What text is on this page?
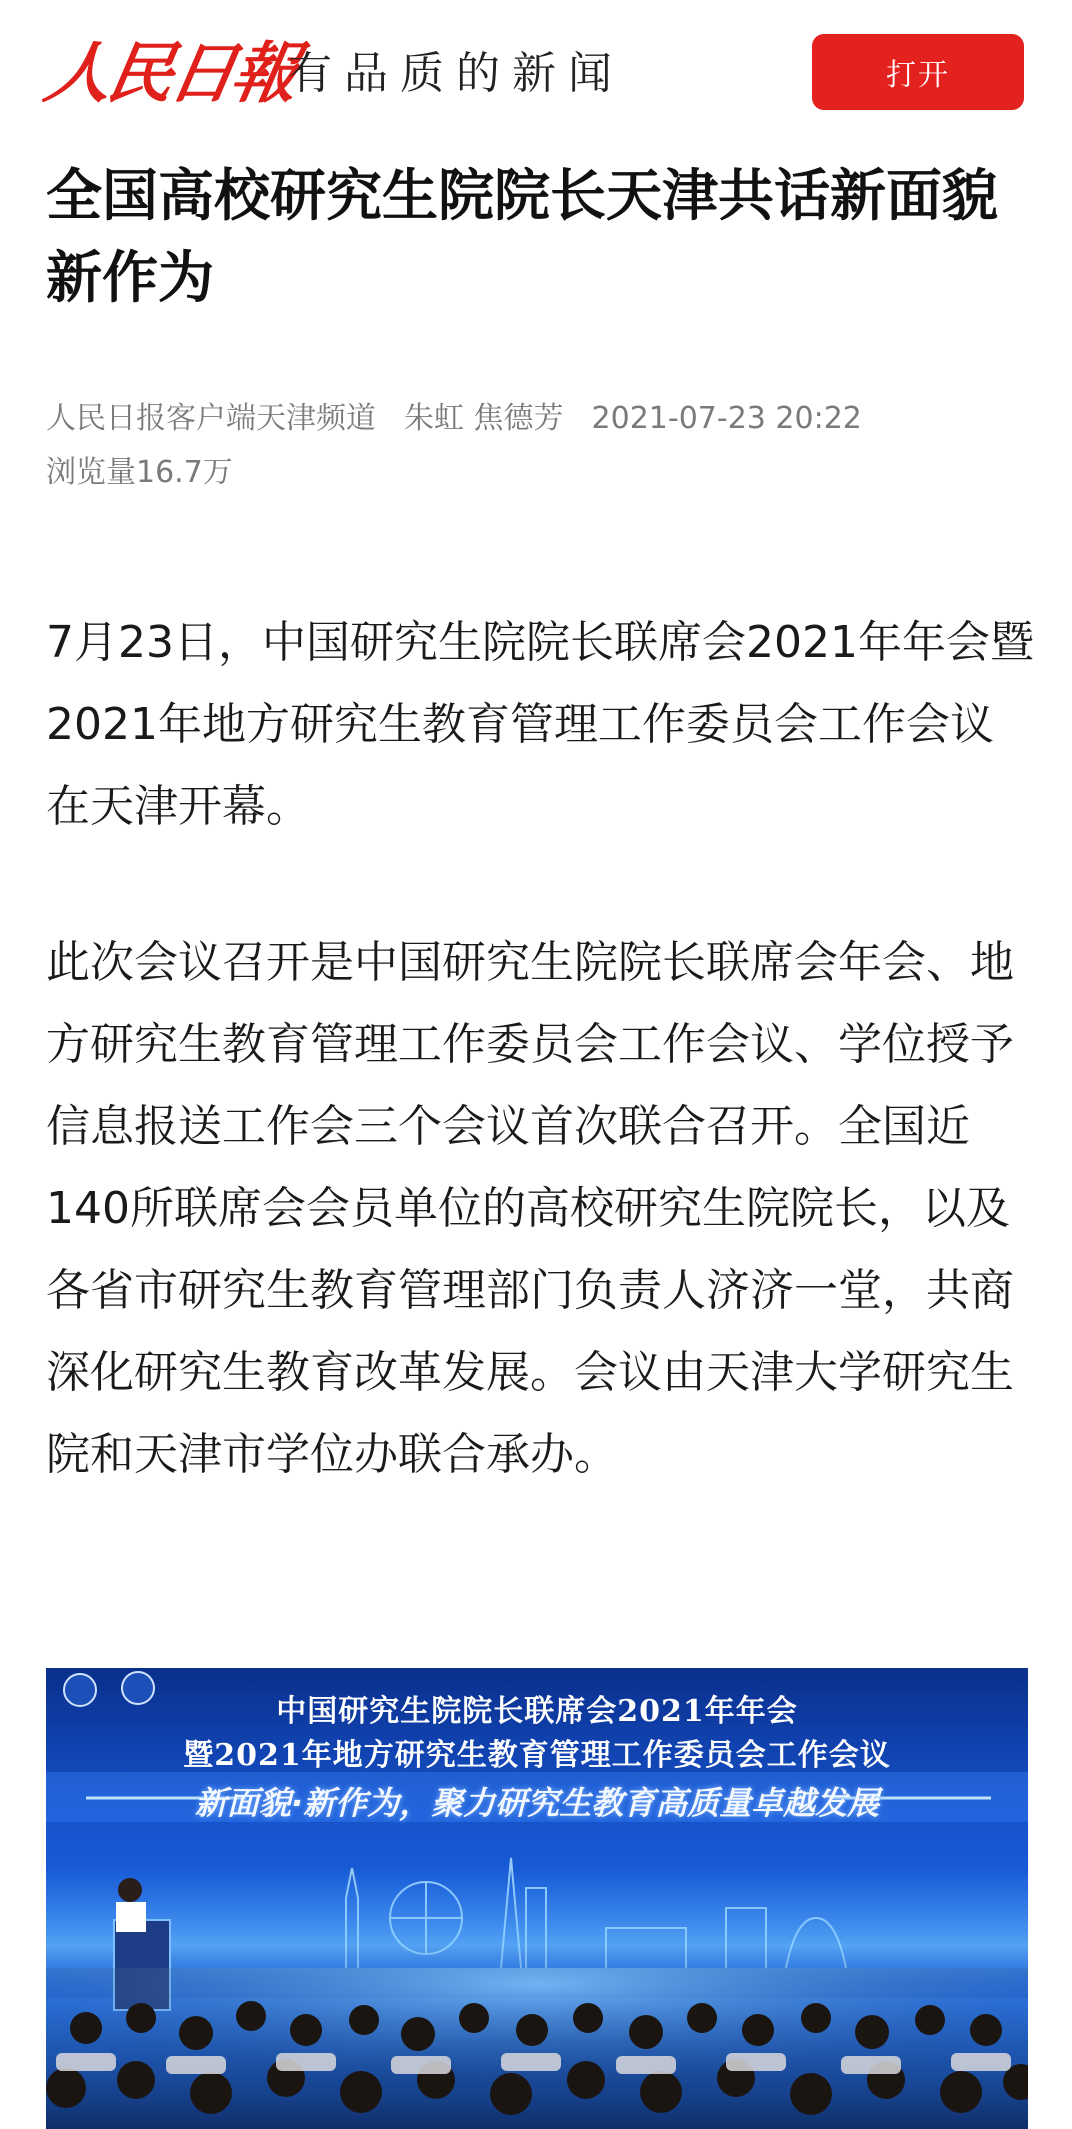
人民日報
有品质的新闻	打开
全国高校研究生院院长天津共话新面貌新作为
人民日报客户端天津频道 朱虹 焦德芳 2021-07-23 20:22
浏览量16.7万

7月23日，中国研究生院院长联席会2021年年会暨2021年地方研究生教育管理工作委员会工作会议在天津开幕。

此次会议召开是中国研究生院院长联席会年会、地方研究生教育管理工作委员会工作会议、学位授予信息报送工作会三个会议首次联合召开。全国近140所联席会会员单位的高校研究生院院长，以及各省市研究生教育管理部门负责人济济一堂，共商深化研究生教育改革发展。会议由天津大学研究生院和天津市学位办联合承办。

中国研究生院院长联席会2021年年会
暨2021年地方研究生教育管理工作委员会工作会议
新面貌·新作为，聚力研究生教育高质量卓越发展
